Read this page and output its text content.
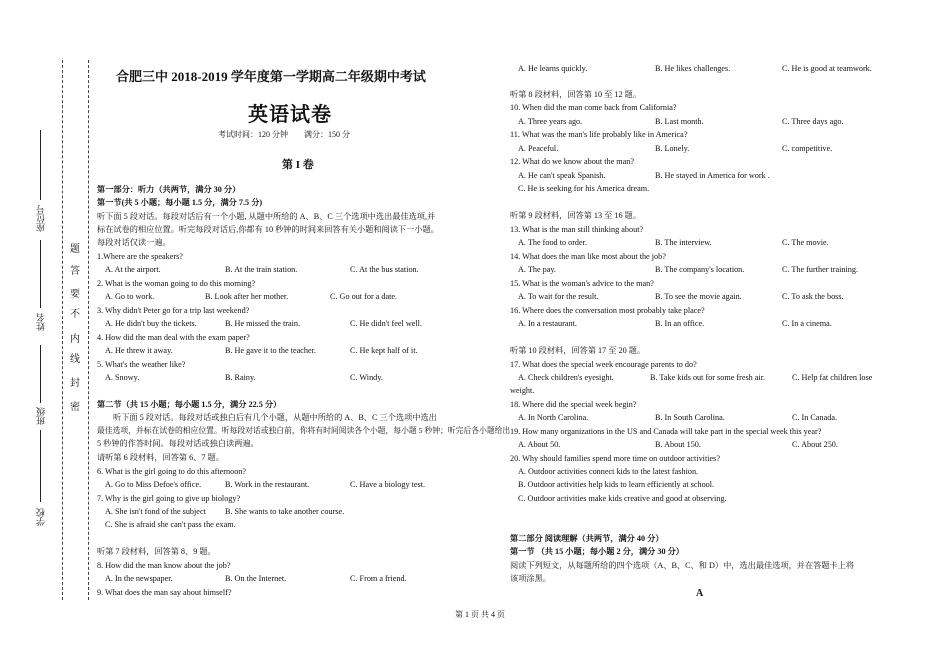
座位号
姓名
班级
学校
密
封
线
内
不
要
答
题
合肥三中 2018-2019 学年度第一学期高二年级期中考试
英语试卷
考试时间：120 分钟　　满分：150 分
第 I 卷
第一部分：听力（共两节，满分 30 分）
第一节(共 5 小题；每小题 1.5 分，满分 7.5 分)
听下面 5 段对话。每段对话后有一个小题, 从题中所给的 A、B、C 三个选项中选出最佳选项,并
标在试卷的相应位置。听完每段对话后,你都有 10 秒钟的时间来回答有关小题和阅读下一小题。
每段对话仅读一遍。
1.Where are the speakers?
A. At the airport.	B. At the train station.	C. At the bus station.
2. What is the woman going to do this morning?
A. Go to work.	B. Look after her mother.	C. Go out for a date.
3. Why didn't Peter go for a trip last weekend?
A. He didn't buy the tickets.	B. He missed the train.	C. He didn't feel well.
4. How did the man deal with the exam paper?
A. He threw it away.	B. He gave it to the teacher.	C. He kept half of it.
5. What's the weather like?
A. Snowy.	B. Rainy.	C. Windy.
第二节（共 15 小题；每小题 1.5 分，满分 22.5 分）
听下面 5 段对话。每段对话或独白后有几个小题，从题中所给的 A、B、C 三个选项中选出
最佳选项，并标在试卷的相应位置。听每段对话或独白前，你将有时间阅读各个小题，每小题 5 秒钟；听完后各小题给出
5 秒钟的作答时间。每段对话或独白读两遍。
请听第 6 段材料，回答第 6、7 题。
6. What is the girl going to do this afternoon?
A. Go to Miss Defoe's office.	B. Work in the restaurant.	C. Have a biology test.
7. Why is the girl going to give up biology?
A. She isn't fond of the subject B. She wants to take another course.
C. She is afraid she can't pass the exam.
听第 7 段材料，回答第 8、9 题。
8. How did the man know about the job?
A. In the newspaper.	B. On the Internet.	C. From a friend.
9. What does the man say about himself?
A. He learns quickly.	B. He likes challenges.	C. He is good at teamwork.
听第 8 段材料，回答第 10 至 12 题。
10. When did the man come back from California?
A. Three years ago.	B. Last month.	C. Three days ago.
11. What was the man's life probably like in America?
A. Peaceful.	B. Lonely.	C. competitive.
12. What do we know about the man?
A. He can't speak Spanish.	B. He stayed in America for work .
C. He is seeking for his America dream.
听第 9 段材料，回答第 13 至 16 题。
13. What is the man still thinking about?
A. The food to order.	B. The interview.	C. The movie.
14. What does the man like most about the job?
A. The pay.	B. The company's location.	C. The further training.
15. What is the woman's advice to the man?
A. To wait for the result.	B. To see the movie again.	C. To ask the boss.
16. Where does the conversation most probably take place?
A. In a restaurant.	B. In an office.	C. In a cinema.
听第 10 段材料，回答第 17 至 20 题。
17. What does the special week encourage parents to do?
A. Check children's eyesight.	B. Take kids out for some fresh air.	C. Help fat children lose
weight.
18. Where did the special week begin?
A. In North Carolina.	B. In South Carolina.	C. In Canada.
19. How many organizations in the US and Canada will take part in the special week this year?
A. About 50.	B. About 150.	C. About 250.
20. Why should families spend more time on outdoor activities?
A. Outdoor activities connect kids to the latest fashion.
B. Outdoor activities help kids to learn efficiently at school.
C. Outdoor activities make kids creative and good at observing.
第二部分 阅读理解（共两节，满分 40 分）
第一节 （共 15 小题；每小题 2 分，满分 30 分）
阅读下列短文，从每题所给的四个选项（A、B、C、和 D）中，选出最佳选项，并在答题卡上将
该项涂黑。
A
第 1 页 共 4 页
